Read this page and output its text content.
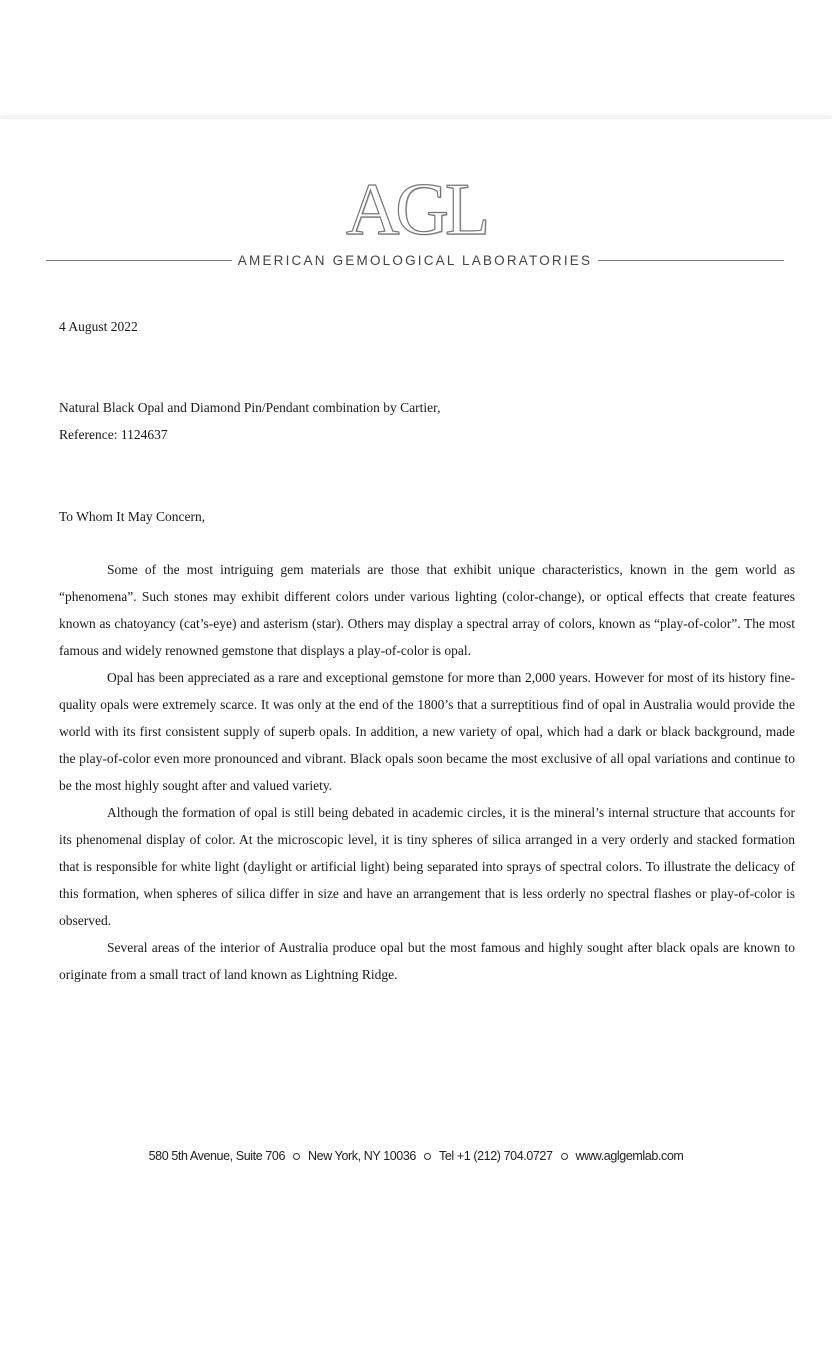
AGL
AMERICAN GEMOLOGICAL LABORATORIES
4 August 2022
Natural Black Opal and Diamond Pin/Pendant combination by Cartier,
Reference: 1124637
To Whom It May Concern,

Some of the most intriguing gem materials are those that exhibit unique characteristics, known in the gem world as “phenomena”. Such stones may exhibit different colors under various lighting (color-change), or optical effects that create features known as chatoyancy (cat’s-eye) and asterism (star). Others may display a spectral array of colors, known as “play-of-color”. The most famous and widely renowned gemstone that displays a play-of-color is opal.

Opal has been appreciated as a rare and exceptional gemstone for more than 2,000 years. However for most of its history fine-quality opals were extremely scarce. It was only at the end of the 1800’s that a surreptitious find of opal in Australia would provide the world with its first consistent supply of superb opals. In addition, a new variety of opal, which had a dark or black background, made the play-of-color even more pronounced and vibrant. Black opals soon became the most exclusive of all opal variations and continue to be the most highly sought after and valued variety.

Although the formation of opal is still being debated in academic circles, it is the mineral’s internal structure that accounts for its phenomenal display of color. At the microscopic level, it is tiny spheres of silica arranged in a very orderly and stacked formation that is responsible for white light (daylight or artificial light) being separated into sprays of spectral colors. To illustrate the delicacy of this formation, when spheres of silica differ in size and have an arrangement that is less orderly no spectral flashes or play-of-color is observed.

Several areas of the interior of Australia produce opal but the most famous and highly sought after black opals are known to originate from a small tract of land known as Lightning Ridge.

580 5th Avenue, Suite 706 New York, NY 10036 Tel +1 (212) 704.0727 www.aglgemlab.com
